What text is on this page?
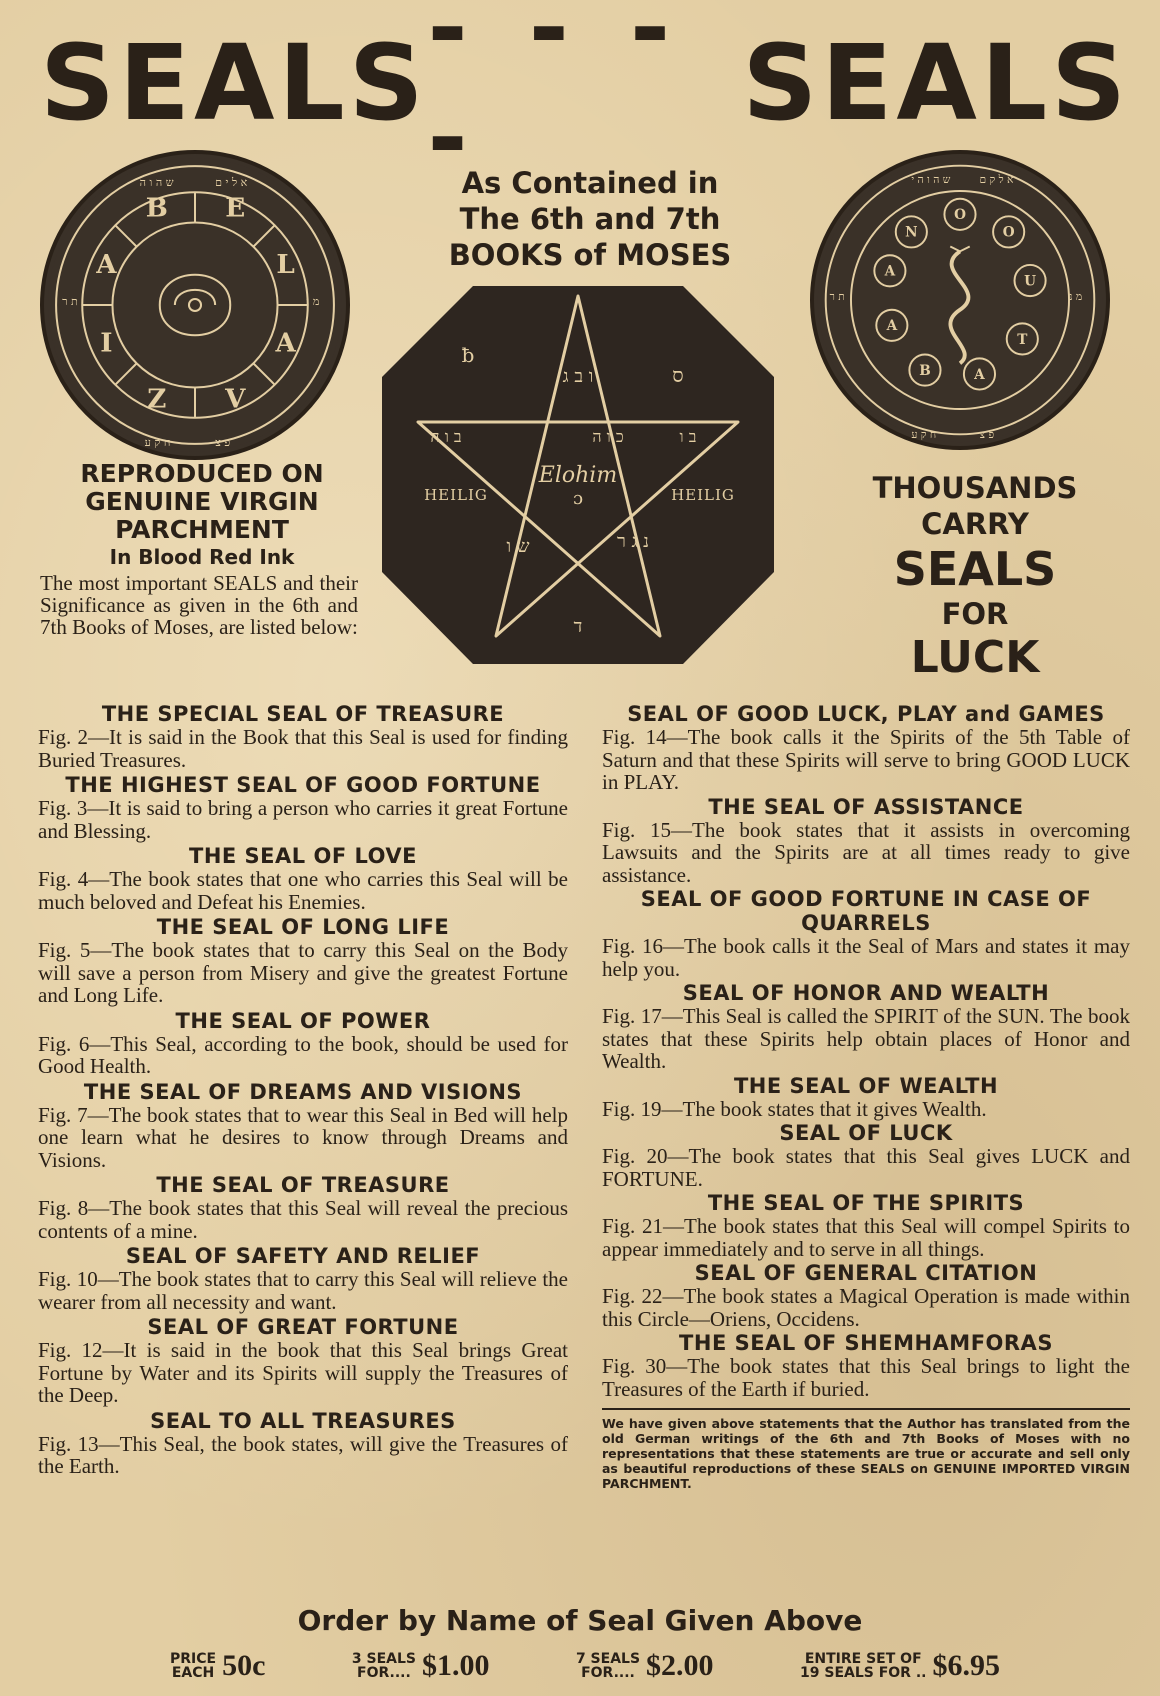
SEALS - - - -	SEALS
B E
A	L
I	A
Z V
ש ה ו ה	א ל י ם
ת ר	מ נ
ח ק ע	פ צ
As Contained in
The 6th and 7th
BOOKS of MOSES
Elohim
ɔ
HEILIG	HEILIG
ƀ
ו ב ג	ס
ב ו ה	כ ו ה	ב ו
ש ו	נ ג ר
ד
N
O
O
U
T
A
B
A
A
ש ה ו ה י	א ל ק ם
ת ר	מ נ
ח ק ע	פ צ
REPRODUCED ON
GENUINE VIRGIN
PARCHMENT
In Blood Red Ink

The most important SEALS and their Significance as given in the 6th and 7th Books of Moses, are listed below:

THOUSANDS
CARRY
SEALS
FOR
LUCK
THE SPECIAL SEAL OF TREASURE

Fig. 2—It is said in the Book that this Seal is used for finding Buried Treasures.

THE HIGHEST SEAL OF GOOD FORTUNE

Fig. 3—It is said to bring a person who carries it great Fortune and Blessing.

THE SEAL OF LOVE

Fig. 4—The book states that one who carries this Seal will be much beloved and Defeat his Enemies.

THE SEAL OF LONG LIFE

Fig. 5—The book states that to carry this Seal on the Body will save a person from Misery and give the greatest Fortune and Long Life.

THE SEAL OF POWER

Fig. 6—This Seal, according to the book, should be used for Good Health.

THE SEAL OF DREAMS AND VISIONS

Fig. 7—The book states that to wear this Seal in Bed will help one learn what he desires to know through Dreams and Visions.

THE SEAL OF TREASURE

Fig. 8—The book states that this Seal will reveal the precious contents of a mine.

SEAL OF SAFETY AND RELIEF

Fig. 10—The book states that to carry this Seal will relieve the wearer from all necessity and want.

SEAL OF GREAT FORTUNE

Fig. 12—It is said in the book that this Seal brings Great Fortune by Water and its Spirits will supply the Treasures of the Deep.

SEAL TO ALL TREASURES

Fig. 13—This Seal, the book states, will give the Treasures of the Earth.

SEAL OF GOOD LUCK, PLAY and GAMES

Fig. 14—The book calls it the Spirits of the 5th Table of Saturn and that these Spirits will serve to bring GOOD LUCK in PLAY.

THE SEAL OF ASSISTANCE

Fig. 15—The book states that it assists in overcoming Lawsuits and the Spirits are at all times ready to give assistance.

SEAL OF GOOD FORTUNE IN CASE OF QUARRELS

Fig. 16—The book calls it the Seal of Mars and states it may help you.

SEAL OF HONOR AND WEALTH

Fig. 17—This Seal is called the SPIRIT of the SUN. The book states that these Spirits help obtain places of Honor and Wealth.

THE SEAL OF WEALTH

Fig. 19—The book states that it gives Wealth.

SEAL OF LUCK

Fig. 20—The book states that this Seal gives LUCK and FORTUNE.

THE SEAL OF THE SPIRITS

Fig. 21—The book states that this Seal will compel Spirits to appear immediately and to serve in all things.

SEAL OF GENERAL CITATION

Fig. 22—The book states a Magical Operation is made within this Circle—Oriens, Occidens.

THE SEAL OF SHEMHAMFORAS

Fig. 30—The book states that this Seal brings to light the Treasures of the Earth if buried.

We have given above statements that the Author has translated from the old German writings of the 6th and 7th Books of Moses with no representations that these statements are true or accurate and sell only as beautiful reproductions of these SEALS on GENUINE IMPORTED VIRGIN PARCHMENT.

Order by Name of Seal Given Above
PRICE
EACH 50c	3 SEALS
FOR.... $1.00	7 SEALS
FOR.... $2.00	ENTIRE SET OF
19 SEALS FOR .. $6.95
